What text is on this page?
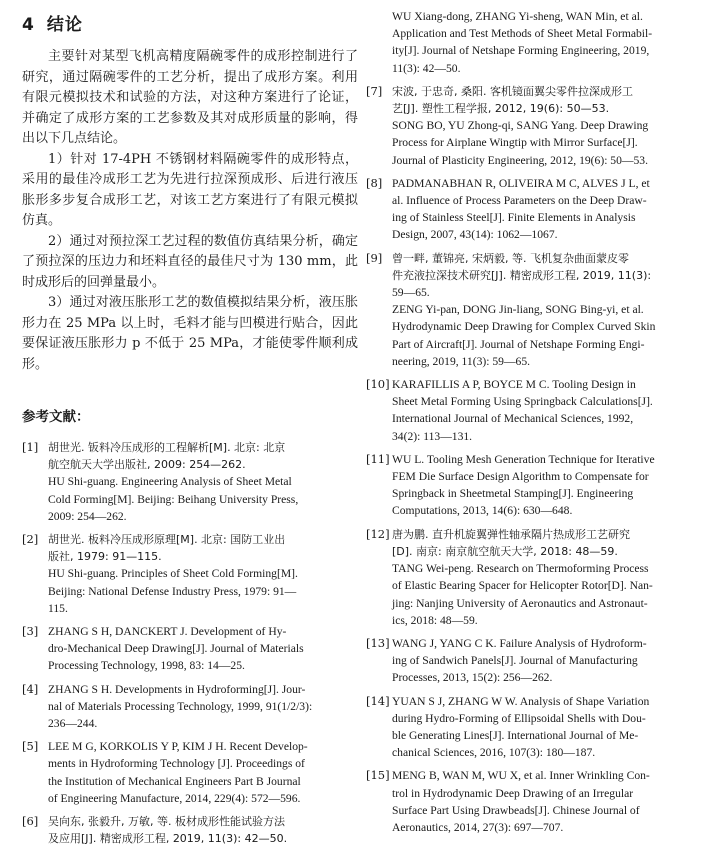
4 结论

主要针对某型飞机高精度隔碗零件的成形控制进行了研究，通过隔碗零件的工艺分析，提出了成形方案。利用有限元模拟技术和试验的方法，对这种方案进行了论证，并确定了成形方案的工艺参数及其对成形质量的影响，得出以下几点结论。

1）针对 17-4PH 不锈钢材料隔碗零件的成形特点，采用的最佳冷成形工艺为先进行拉深预成形、后进行液压胀形多步复合成形工艺，对该工艺方案进行了有限元模拟仿真。

2）通过对预拉深工艺过程的数值仿真结果分析，确定了预拉深的压边力和坯料直径的最佳尺寸为 130 mm，此时成形后的回弹量最小。

3）通过对液压胀形工艺的数值模拟结果分析，液压胀形力在 25 MPa 以上时，毛料才能与凹模进行贴合，因此要保证液压胀形力 p 不低于 25 MPa，才能使零件顺利成形。

参考文献：
[1] 胡世光. 钣料冷压成形的工程解析[M]. 北京: 北京

航空航天大学出版社, 2009: 254—262.

HU Shi-guang. Engineering Analysis of Sheet Metal

Cold Forming[M]. Beijing: Beihang University Press,

2009: 254—262.

[2] 胡世光. 板料冷压成形原理[M]. 北京: 国防工业出

版社, 1979: 91—115.

HU Shi-guang. Principles of Sheet Cold Forming[M].

Beijing: National Defense Industry Press, 1979: 91—

115.

[3] ZHANG S H, DANCKERT J. Development of Hy-

dro-Mechanical Deep Drawing[J]. Journal of Materials

Processing Technology, 1998, 83: 14—25.

[4] ZHANG S H. Developments in Hydroforming[J]. Jour-

nal of Materials Processing Technology, 1999, 91(1/2/3):

236—244.

[5] LEE M G, KORKOLIS Y P, KIM J H. Recent Develop-

ments in Hydroforming Technology [J]. Proceedings of

the Institution of Mechanical Engineers Part B Journal

of Engineering Manufacture, 2014, 229(4): 572—596.

[6] 吴向东, 张毅升, 万敏, 等. 板材成形性能试验方法

及应用[J]. 精密成形工程, 2019, 11(3): 42—50.

WU Xiang-dong, ZHANG Yi-sheng, WAN Min, et al.

Application and Test Methods of Sheet Metal Formabil-

ity[J]. Journal of Netshape Forming Engineering, 2019,

11(3): 42—50.

[7] 宋波, 于忠奇, 桑阳. 客机镜面翼尖零件拉深成形工

艺[J]. 塑性工程学报, 2012, 19(6): 50—53.

SONG BO, YU Zhong-qi, SANG Yang. Deep Drawing

Process for Airplane Wingtip with Mirror Surface[J].

Journal of Plasticity Engineering, 2012, 19(6): 50—53.

[8] PADMANABHAN R, OLIVEIRA M C, ALVES J L, et

al. Influence of Process Parameters on the Deep Draw-

ing of Stainless Steel[J]. Finite Elements in Analysis

Design, 2007, 43(14): 1062—1067.

[9] 曾一畔, 董锦亮, 宋炳毅, 等. 飞机复杂曲面蒙皮零

件充液拉深技术研究[J]. 精密成形工程, 2019, 11(3):

59—65.

ZENG Yi-pan, DONG Jin-liang, SONG Bing-yi, et al.

Hydrodynamic Deep Drawing for Complex Curved Skin

Part of Aircraft[J]. Journal of Netshape Forming Engi-

neering, 2019, 11(3): 59—65.

[10] KARAFILLIS A P, BOYCE M C. Tooling Design in

Sheet Metal Forming Using Springback Calculations[J].

International Journal of Mechanical Sciences, 1992,

34(2): 113—131.

[11] WU L. Tooling Mesh Generation Technique for Iterative

FEM Die Surface Design Algorithm to Compensate for

Springback in Sheetmetal Stamping[J]. Engineering

Computations, 2013, 14(6): 630—648.

[12] 唐为鹏. 直升机旋翼弹性轴承隔片热成形工艺研究

[D]. 南京: 南京航空航天大学, 2018: 48—59.

TANG Wei-peng. Research on Thermoforming Process

of Elastic Bearing Spacer for Helicopter Rotor[D]. Nan-

jing: Nanjing University of Aeronautics and Astronaut-

ics, 2018: 48—59.

[13] WANG J, YANG C K. Failure Analysis of Hydroform-

ing of Sandwich Panels[J]. Journal of Manufacturing

Processes, 2013, 15(2): 256—262.

[14] YUAN S J, ZHANG W W. Analysis of Shape Variation

during Hydro-Forming of Ellipsoidal Shells with Dou-

ble Generating Lines[J]. International Journal of Me-

chanical Sciences, 2016, 107(3): 180—187.

[15] MENG B, WAN M, WU X, et al. Inner Wrinkling Con-

trol in Hydrodynamic Deep Drawing of an Irregular

Surface Part Using Drawbeads[J]. Chinese Journal of

Aeronautics, 2014, 27(3): 697—707.
